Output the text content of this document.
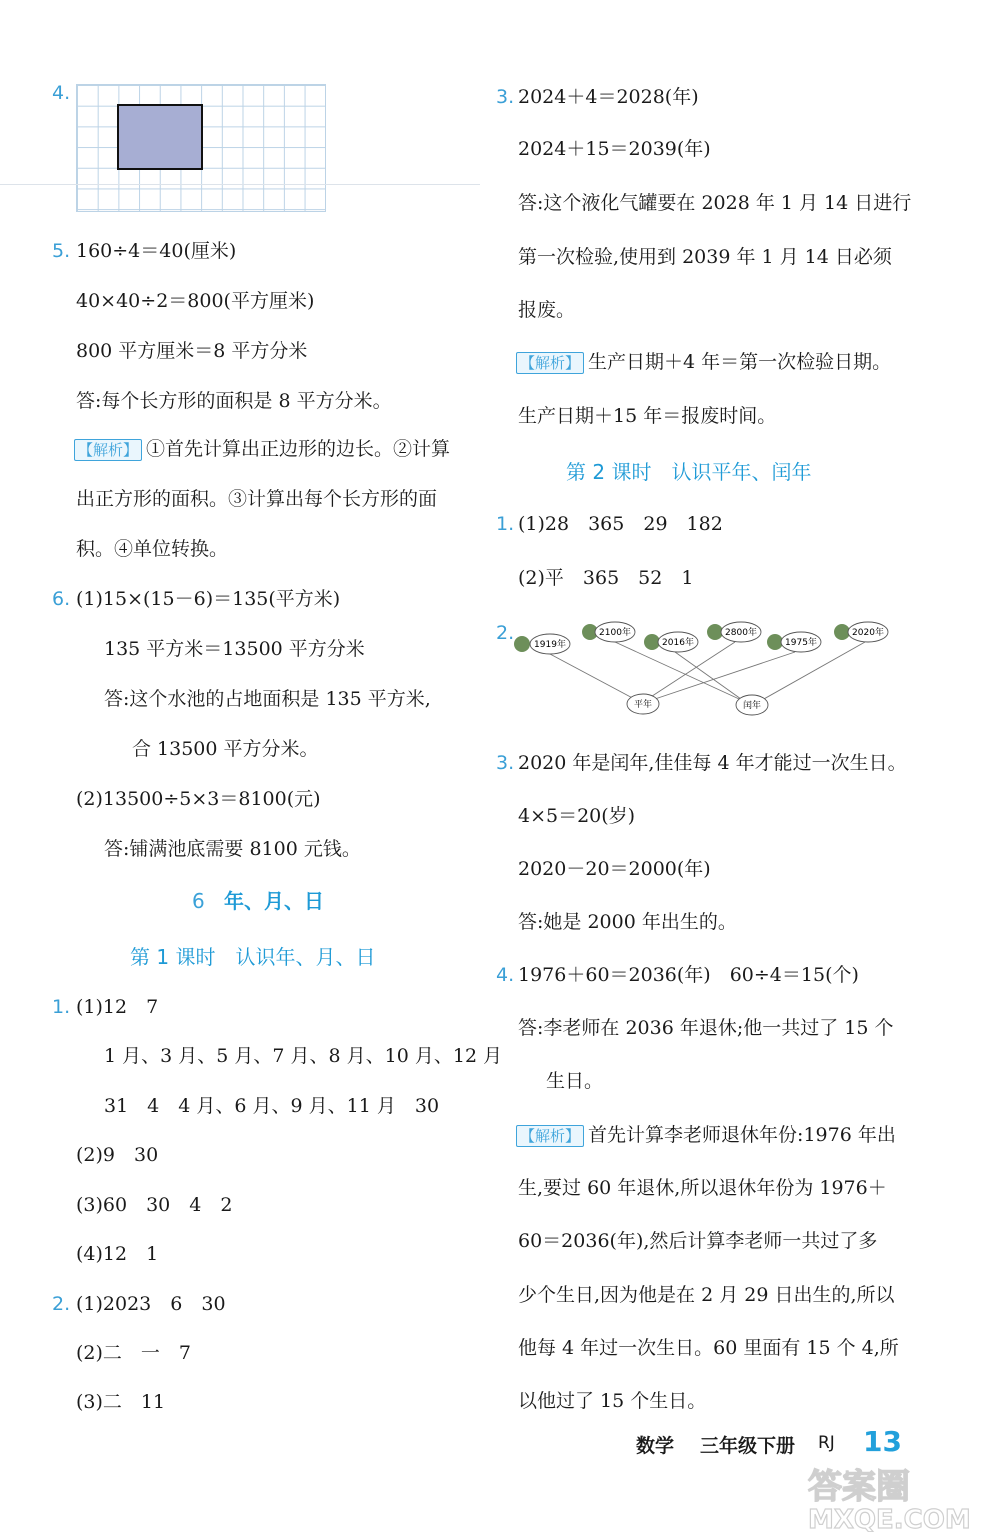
4.
5. 160÷4＝40(厘米)
40×40÷2＝800(平方厘米)
800 平方厘米＝8 平方分米
答:每个长方形的面积是 8 平方分米。
【解析】 ①首先计算出正边形的边长。②计算
出正方形的面积。③计算出每个长方形的面
积。④单位转换。
6. (1)15×(15－6)＝135(平方米)
135 平方米＝13500 平方分米
答:这个水池的占地面积是 135 平方米,
合 13500 平方分米。
(2)13500÷5×3＝8100(元)
答:铺满池底需要 8100 元钱。
6 年、月、日
第 1 课时　认识年、月、日
1. (1)12　7
1 月、3 月、5 月、7 月、8 月、10 月、12 月
31　4　4 月、6 月、9 月、11 月　30
(2)9　30
(3)60　30　4　2
(4)12　1
2. (1)2023　6　30
(2)二　一　7
(3)二　11
3. 2024＋4＝2028(年)
2024＋15＝2039(年)
答:这个液化气罐要在 2028 年 1 月 14 日进行
第一次检验,使用到 2039 年 1 月 14 日必须
报废。
【解析】 生产日期＋4 年＝第一次检验日期。
生产日期＋15 年＝报废时间。
第 2 课时　认识平年、闰年
1. (1)28　365　29　182
(2)平　365　52　1
2.
3. 2020 年是闰年,佳佳每 4 年才能过一次生日。
4×5＝20(岁)
2020－20＝2000(年)
答:她是 2000 年出生的。
4. 1976＋60＝2036(年)　60÷4＝15(个)
答:李老师在 2036 年退休;他一共过了 15 个
生日。
【解析】 首先计算李老师退休年份:1976 年出
生,要过 60 年退休,所以退休年份为 1976＋
60＝2036(年),然后计算李老师一共过了多
少个生日,因为他是在 2 月 29 日出生的,所以
他每 4 年过一次生日。60 里面有 15 个 4,所
以他过了 15 个生日。
1919年
2100年
2016年
2800年
1975年
2020年
平年	闰年
数学 三年级下册 RJ 13
答案圈
MXQE.COM
